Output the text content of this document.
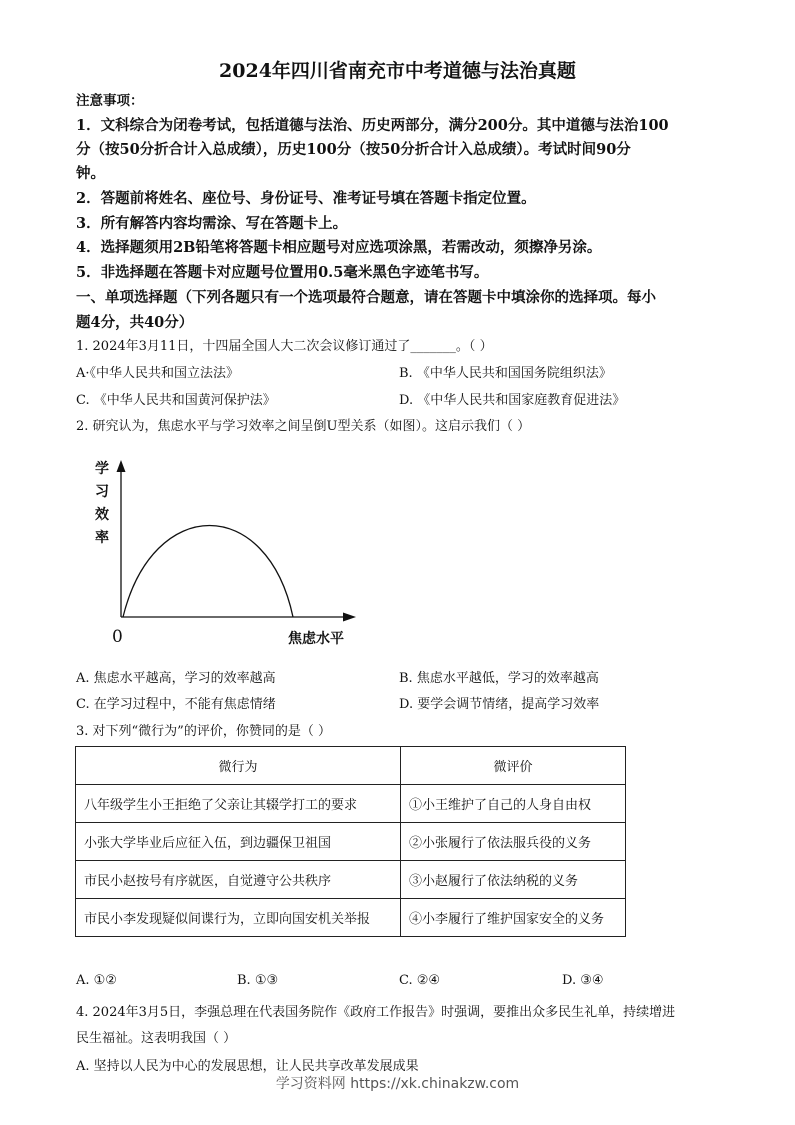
2024年四川省南充市中考道德与法治真题
注意事项：
1．文科综合为闭卷考试，包括道德与法治、历史两部分，满分200分。其中道德与法治100
分（按50分折合计入总成绩），历史100分（按50分折合计入总成绩）。考试时间90分
钟。
2．答题前将姓名、座位号、身份证号、准考证号填在答题卡指定位置。
3．所有解答内容均需涂、写在答题卡上。
4．选择题须用2B铅笔将答题卡相应题号对应选项涂黑，若需改动，须擦净另涂。
5．非选择题在答题卡对应题号位置用0.5毫米黑色字迹笔书写。
一、单项选择题（下列各题只有一个选项最符合题意，请在答题卡中填涂你的选择项。每小
题4分，共40分）
1. 2024年3月11日，十四届全国人大二次会议修订通过了_______。（ ）
A·《中华人民共和国立法法》	B. 《中华人民共和国国务院组织法》
C. 《中华人民共和国黄河保护法》	D. 《中华人民共和国家庭教育促进法》
2. 研究认为，焦虑水平与学习效率之间呈倒U型关系（如图）。这启示我们（ ）
学习效率
0	焦虑水平
A. 焦虑水平越高，学习的效率越高	B. 焦虑水平越低，学习的效率越高
C. 在学习过程中，不能有焦虑情绪	D. 要学会调节情绪，提高学习效率
3. 对下列“微行为”的评价，你赞同的是（ ）
微行为	微评价
八年级学生小王拒绝了父亲让其辍学打工的要求	①小王维护了自己的人身自由权
小张大学毕业后应征入伍，到边疆保卫祖国	②小张履行了依法服兵役的义务
市民小赵按号有序就医，自觉遵守公共秩序	③小赵履行了依法纳税的义务
市民小李发现疑似间谍行为，立即向国安机关举报	④小李履行了维护国家安全的义务
A. ①②	B. ①③	C. ②④	D. ③④
4. 2024年3月5日，李强总理在代表国务院作《政府工作报告》时强调，要推出众多民生礼单，持续增进
民生福祉。这表明我国（ ）
A. 坚持以人民为中心的发展思想，让人民共享改革发展成果
学习资料网 https://xk.chinakzw.com
